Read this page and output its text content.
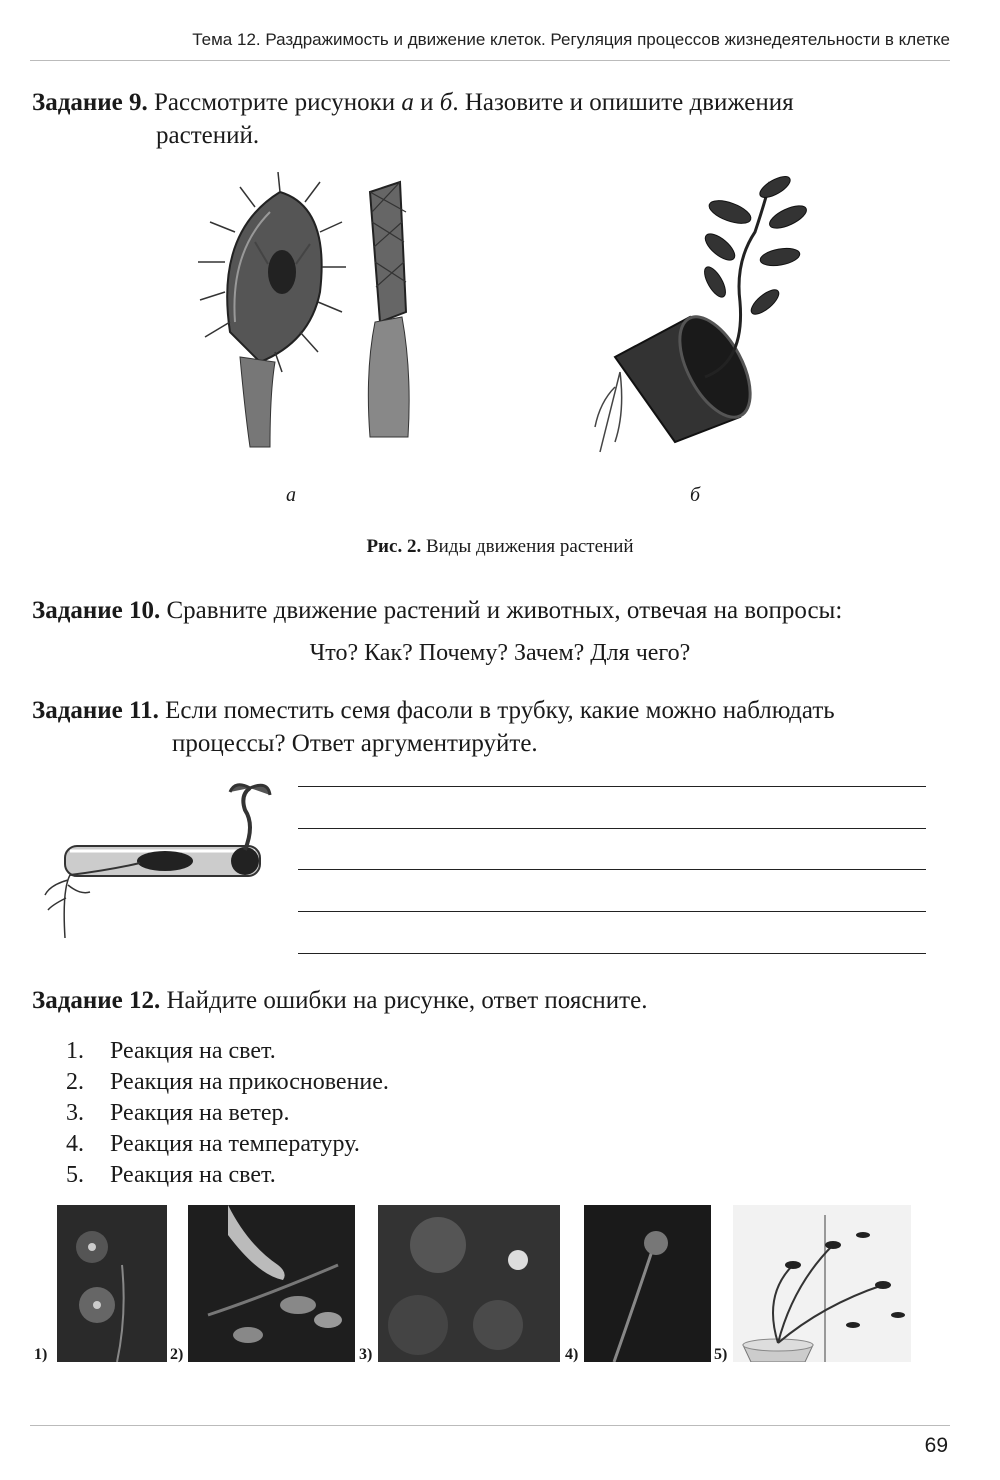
Тема 12. Раздражимость и движение клеток. Регуляция процессов жизнедеятельности в клетке
Задание 9. Рассмотрите рисуноки а и б. Назовите и опишите движения
растений.
а	б
Рис. 2. Виды движения растений
Задание 10. Сравните движение растений и животных, отвечая на вопросы:
Что? Как? Почему? Зачем? Для чего?
Задание 11. Если поместить семя фасоли в трубку, какие можно наблюдать
процессы? Ответ аргументируйте.
Задание 12. Найдите ошибки на рисунке, ответ поясните.
1.	Реакция на свет.
2.	Реакция на прикосновение.
3.	Реакция на ветер.
4.	Реакция на температуру.
5.	Реакция на свет.
1)	2)	3)	4)	5)
69
